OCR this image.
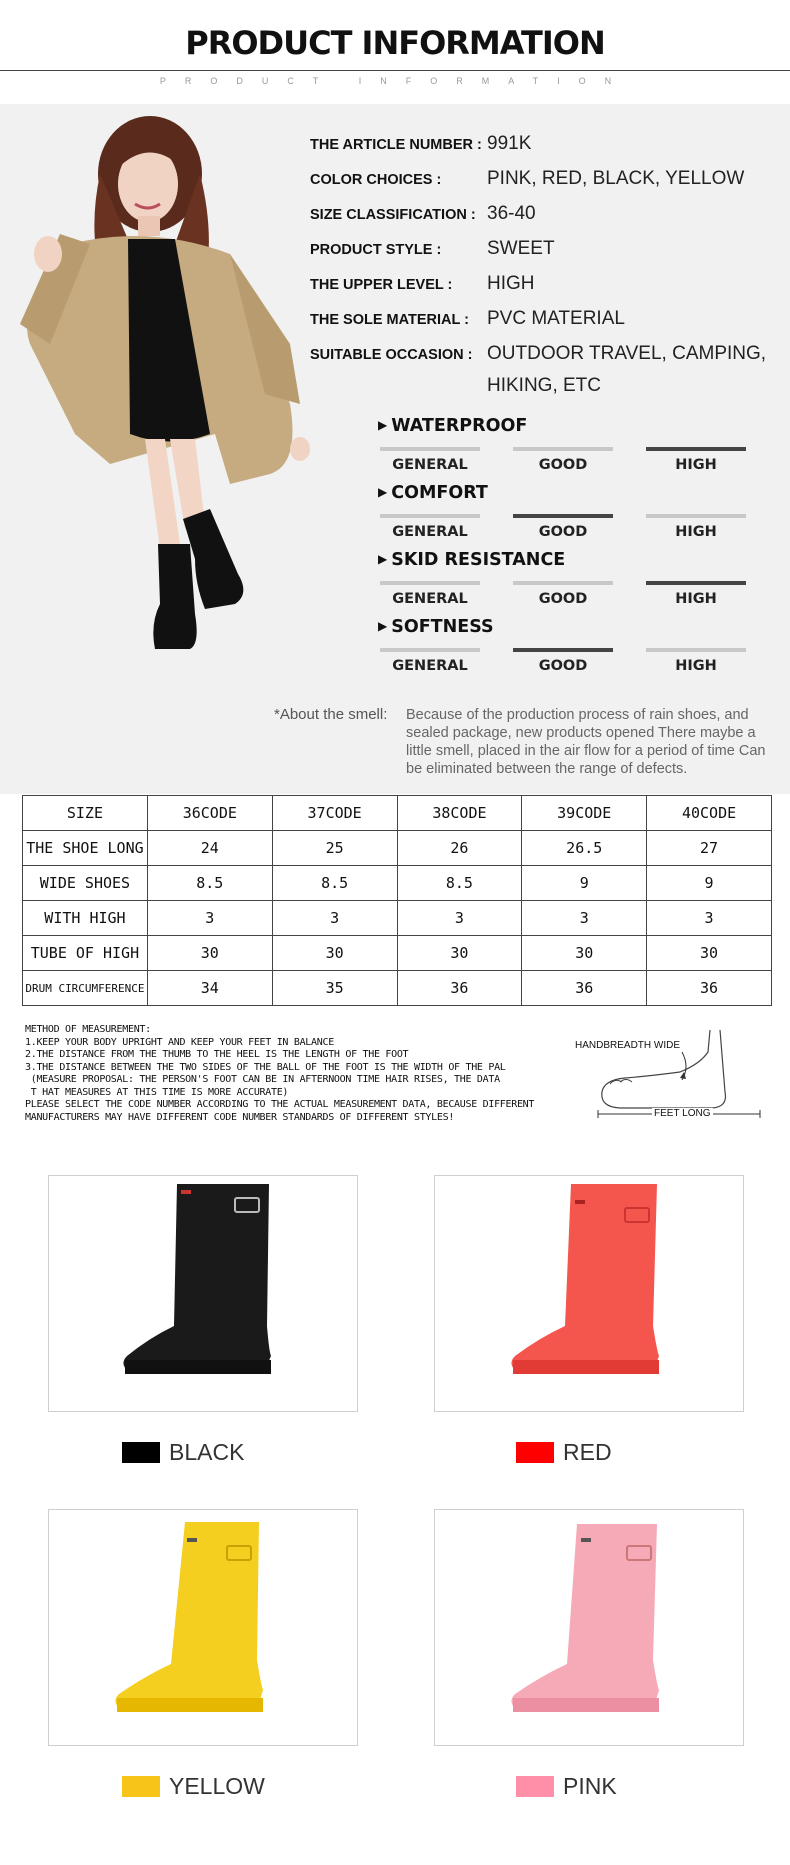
PRODUCT INFORMATION
PRODUCT INFORMATION
THE ARTICLE NUMBER : 991K
COLOR CHOICES :	PINK, RED, BLACK, YELLOW
SIZE CLASSIFICATION : 36-40
PRODUCT STYLE :	SWEET
THE UPPER LEVEL :	HIGH
THE SOLE MATERIAL : PVC MATERIAL
SUITABLE OCCASION : OUTDOOR TRAVEL, CAMPING, HIKING, ETC
▶ WATERPROOF
GENERAL	GOOD	HIGH
▶ COMFORT
GENERAL	GOOD	HIGH
▶ SKID RESISTANCE
GENERAL	GOOD	HIGH
▶ SOFTNESS
GENERAL	GOOD	HIGH
*About the smell:	Because of the production process of rain shoes, and sealed package, new products opened There maybe a little smell, placed in the air flow for a period of time Can be eliminated between the range of defects.
SIZE	36CODE	37CODE	38CODE	39CODE	40CODE
THE SHOE LONG	24	25	26	26.5	27
WIDE SHOES	8.5	8.5	8.5	9	9
WITH HIGH	3	3	3	3	3
TUBE OF HIGH	30	30	30	30	30
DRUM CIRCUMFERENCE	34	35	36	36	36
METHOD OF MEASUREMENT:
1.KEEP YOUR BODY UPRIGHT AND KEEP YOUR FEET IN BALANCE
2.THE DISTANCE FROM THE THUMB TO THE HEEL IS THE LENGTH OF THE FOOT
3.THE DISTANCE BETWEEN THE TWO SIDES OF THE BALL OF THE FOOT IS THE WIDTH OF THE PAL
(MEASURE PROPOSAL: THE PERSON'S FOOT CAN BE IN AFTERNOON TIME HAIR RISES, THE DATA
T HAT MEASURES AT THIS TIME IS MORE ACCURATE)
PLEASE SELECT THE CODE NUMBER ACCORDING TO THE ACTUAL MEASUREMENT DATA, BECAUSE DIFFERENT
MANUFACTURERS MAY HAVE DIFFERENT CODE NUMBER STANDARDS OF DIFFERENT STYLES!
HANDBREADTH WIDE
FEET LONG
BLACK	RED
YELLOW	PINK
